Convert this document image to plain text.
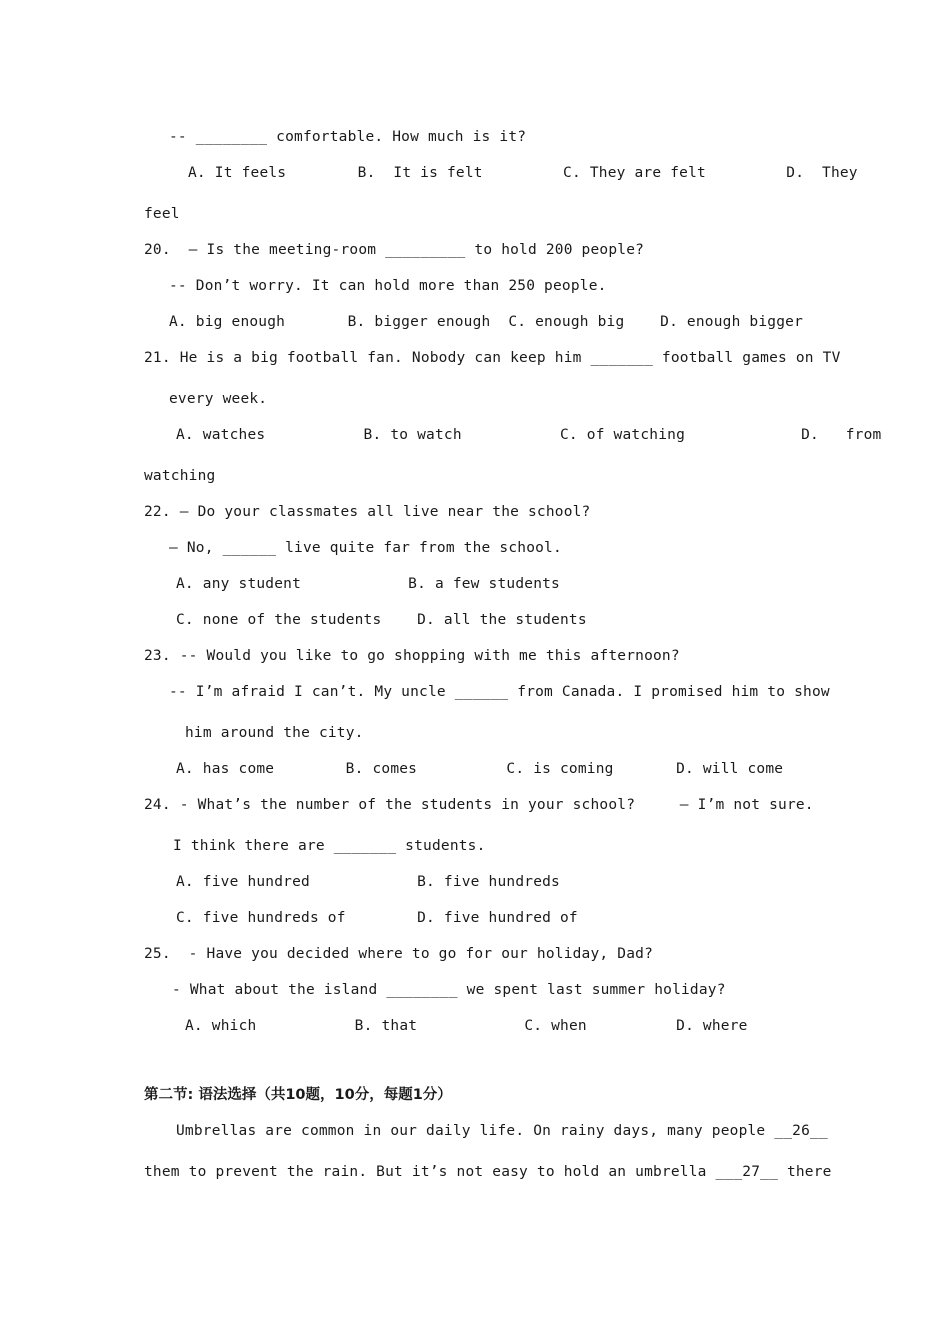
-- ________ comfortable. How much is it?
A. It feels        B.  It is felt         C. They are felt         D.  They
feel
20.  – Is the meeting-room _________ to hold 200 people?
-- Don’t worry. It can hold more than 250 people.
A. big enough       B. bigger enough  C. enough big    D. enough bigger
21. He is a big football fan. Nobody can keep him _______ football games on TV
every week.
A. watches           B. to watch           C. of watching             D.   from
watching
22. — Do your classmates all live near the school?
— No, ______ live quite far from the school.
A. any student            B. a few students
C. none of the students    D. all the students
23. -- Would you like to go shopping with me this afternoon?
-- I’m afraid I can’t. My uncle ______ from Canada. I promised him to show
him around the city.
A. has come        B. comes          C. is coming       D. will come
24. - What’s the number of the students in your school?     – I’m not sure.
I think there are _______ students.
A. five hundred            B. five hundreds
C. five hundreds of        D. five hundred of
25.  - Have you decided where to go for our holiday, Dad?
- What about the island ________ we spent last summer holiday?
A. which           B. that            C. when          D. where
第二节: 语法选择（共10题，10分，每题1分）
Umbrellas are common in our daily life. On rainy days, many people __26__
them to prevent the rain. But it’s not easy to hold an umbrella ___27__ there
